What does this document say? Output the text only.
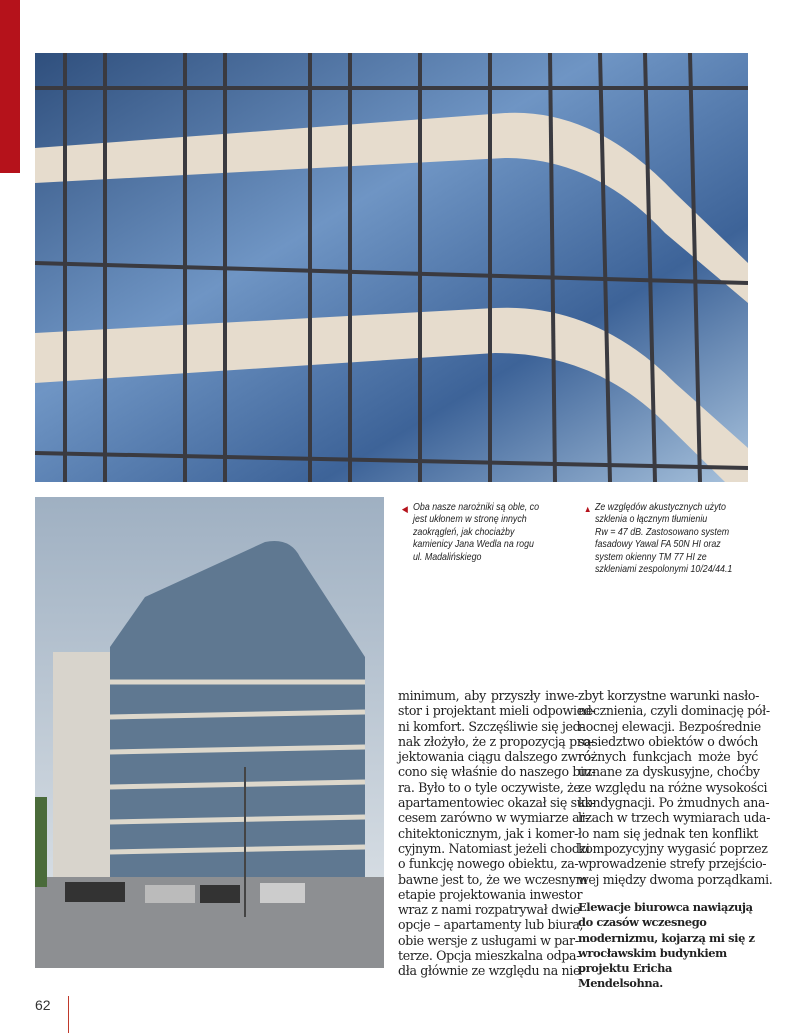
◀ Oba nasze narożniki są oble, co
jest ukłonem w stronę innych
zaokrągleń, jak chociażby
kamienicy Jana Wedla na rogu
ul. Madalińskiego
▲ Ze względów akustycznych użyto
szklenia o łącznym tłumieniu
Rw = 47 dB. Zastosowano system
fasadowy Yawal FA 50N HI oraz
system okienny TM 77 HI ze
szkleniami zespolonymi 10/24/44.1
minimum, aby przyszły inwe-
stor i projektant mieli odpowied-
ni komfort. Szczęśliwie się jed-
nak złożyło, że z propozycją pro-
jektowania ciągu dalszego zwró-
cono się właśnie do naszego biu-
ra. Było to o tyle oczywiste, że
apartamentowiec okazał się suk-
cesem zarówno w wymiarze ar-
chitektonicznym, jak i komer-
cyjnym. Natomiast jeżeli chodzi
o funkcję nowego obiektu, za-
bawne jest to, że we wczesnym
etapie projektowania inwestor
wraz z nami rozpatrywał dwie
opcje – apartamenty lub biura,
obie wersje z usługami w par-
terze. Opcja mieszkalna odpa-
dła głównie ze względu na nie-
zbyt korzystne warunki nasło-
necznienia, czyli dominację pół-
nocnej elewacji. Bezpośrednie
sąsiedztwo obiektów o dwóch
różnych funkcjach może być
uznane za dyskusyjne, choćby
ze względu na różne wysokości
kondygnacji. Po żmudnych ana-
lizach w trzech wymiarach uda-
ło nam się jednak ten konflikt
kompozycyjny wygasić poprzez
wprowadzenie strefy przejścio-
wej między dwoma porządkami.
Elewacje biurowca nawiązują do czasów wczesnego modernizmu, kojarzą mi się z wrocławskim budynkiem projektu Ericha Mendelsohna.
62
